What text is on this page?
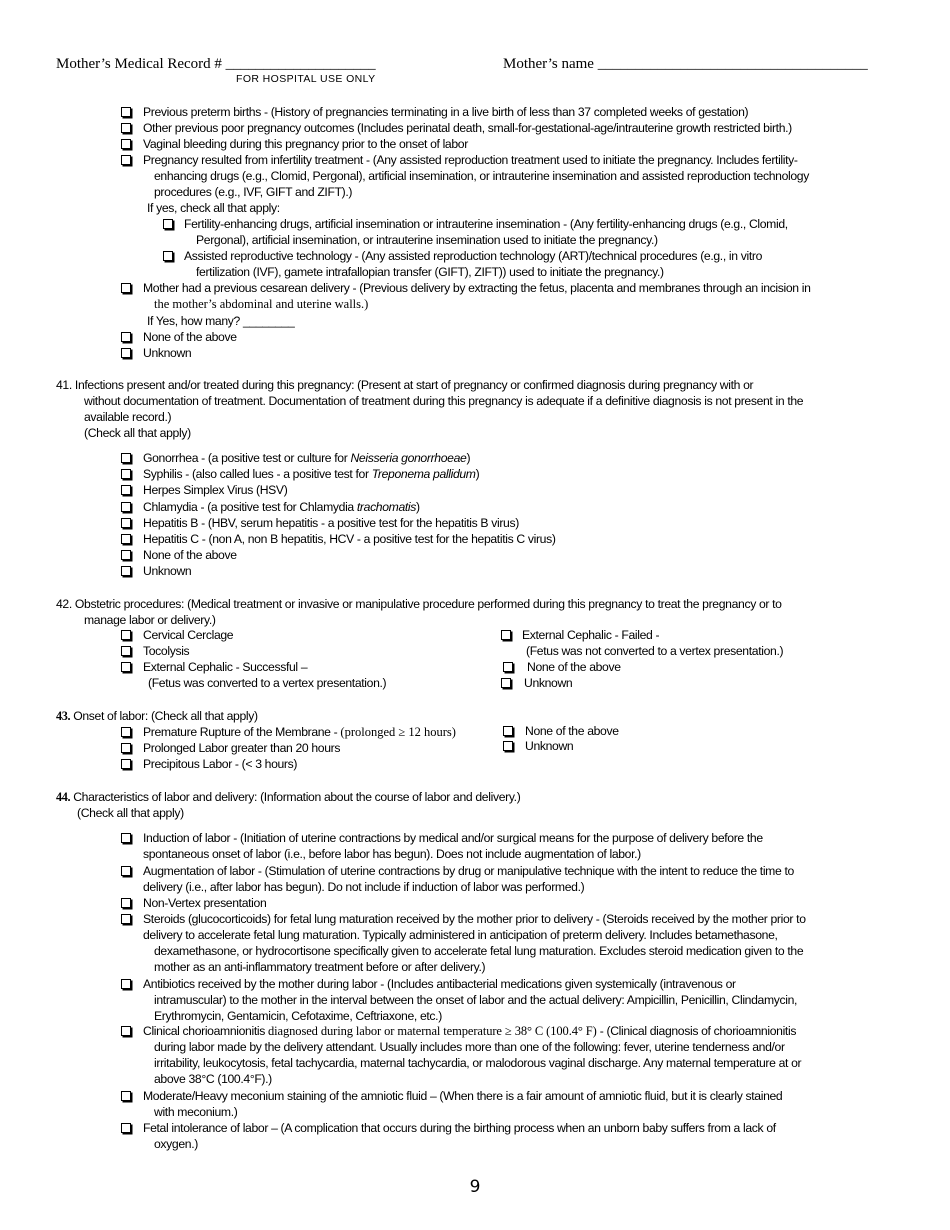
Mother’s Medical Record # ____________________
FOR HOSPITAL USE ONLY
Mother’s name ____________________________________
Previous preterm births - (History of pregnancies terminating in a live birth of less than 37 completed weeks of gestation)
Other previous poor pregnancy outcomes (Includes perinatal death, small-for-gestational-age/intrauterine growth restricted birth.)
Vaginal bleeding during this pregnancy prior to the onset of labor
Pregnancy resulted from infertility treatment - (Any assisted reproduction treatment used to initiate the pregnancy. Includes fertility-
enhancing drugs (e.g., Clomid, Pergonal), artificial insemination, or intrauterine insemination and assisted reproduction technology
procedures (e.g., IVF, GIFT and ZIFT).)
If yes, check all that apply:
Fertility-enhancing drugs, artificial insemination or intrauterine insemination - (Any fertility-enhancing drugs (e.g., Clomid,
Pergonal), artificial insemination, or intrauterine insemination used to initiate the pregnancy.)
Assisted reproductive technology - (Any assisted reproduction technology (ART)/technical procedures (e.g., in vitro
fertilization (IVF), gamete intrafallopian transfer (GIFT), ZIFT)) used to initiate the pregnancy.)
Mother had a previous cesarean delivery - (Previous delivery by extracting the fetus, placenta and membranes through an incision in
the mother’s abdominal and uterine walls.)
If Yes, how many? ________
None of the above
Unknown
41. Infections present and/or treated during this pregnancy: (Present at start of pregnancy or confirmed diagnosis during pregnancy with or
without documentation of treatment. Documentation of treatment during this pregnancy is adequate if a definitive diagnosis is not present in the
available record.)
(Check all that apply)
Gonorrhea - (a positive test or culture for Neisseria gonorrhoeae)
Syphilis - (also called lues - a positive test for Treponema pallidum)
Herpes Simplex Virus (HSV)
Chlamydia - (a positive test for Chlamydia trachomatis)
Hepatitis B - (HBV, serum hepatitis - a positive test for the hepatitis B virus)
Hepatitis C - (non A, non B hepatitis, HCV - a positive test for the hepatitis C virus)
None of the above
Unknown
42. Obstetric procedures: (Medical treatment or invasive or manipulative procedure performed during this pregnancy to treat the pregnancy or to
manage labor or delivery.)
Cervical Cerclage
Tocolysis
External Cephalic - Successful –
(Fetus was converted to a vertex presentation.)
External Cephalic - Failed -
(Fetus was not converted to a vertex presentation.)
None of the above
Unknown
43. Onset of labor: (Check all that apply)
Premature Rupture of the Membrane - (prolonged ≥ 12 hours)
Prolonged Labor greater than 20 hours
Precipitous Labor - (< 3 hours)
None of the above
Unknown
44. Characteristics of labor and delivery: (Information about the course of labor and delivery.)
(Check all that apply)
Induction of labor - (Initiation of uterine contractions by medical and/or surgical means for the purpose of delivery before the
spontaneous onset of labor (i.e., before labor has begun). Does not include augmentation of labor.)
Augmentation of labor - (Stimulation of uterine contractions by drug or manipulative technique with the intent to reduce the time to
delivery (i.e., after labor has begun). Do not include if induction of labor was performed.)
Non-Vertex presentation
Steroids (glucocorticoids) for fetal lung maturation received by the mother prior to delivery - (Steroids received by the mother prior to
delivery to accelerate fetal lung maturation. Typically administered in anticipation of preterm delivery. Includes betamethasone,
dexamethasone, or hydrocortisone specifically given to accelerate fetal lung maturation. Excludes steroid medication given to the
mother as an anti-inflammatory treatment before or after delivery.)
Antibiotics received by the mother during labor - (Includes antibacterial medications given systemically (intravenous or
intramuscular) to the mother in the interval between the onset of labor and the actual delivery: Ampicillin, Penicillin, Clindamycin,
Erythromycin, Gentamicin, Cefotaxime, Ceftriaxone, etc.)
Clinical chorioamnionitis diagnosed during labor or maternal temperature ≥ 38° C (100.4° F) - (Clinical diagnosis of chorioamnionitis
during labor made by the delivery attendant. Usually includes more than one of the following: fever, uterine tenderness and/or
irritability, leukocytosis, fetal tachycardia, maternal tachycardia, or malodorous vaginal discharge. Any maternal temperature at or
above 38°C (100.4°F).)
Moderate/Heavy meconium staining of the amniotic fluid – (When there is a fair amount of amniotic fluid, but it is clearly stained
with meconium.)
Fetal intolerance of labor – (A complication that occurs during the birthing process when an unborn baby suffers from a lack of
oxygen.)
9
